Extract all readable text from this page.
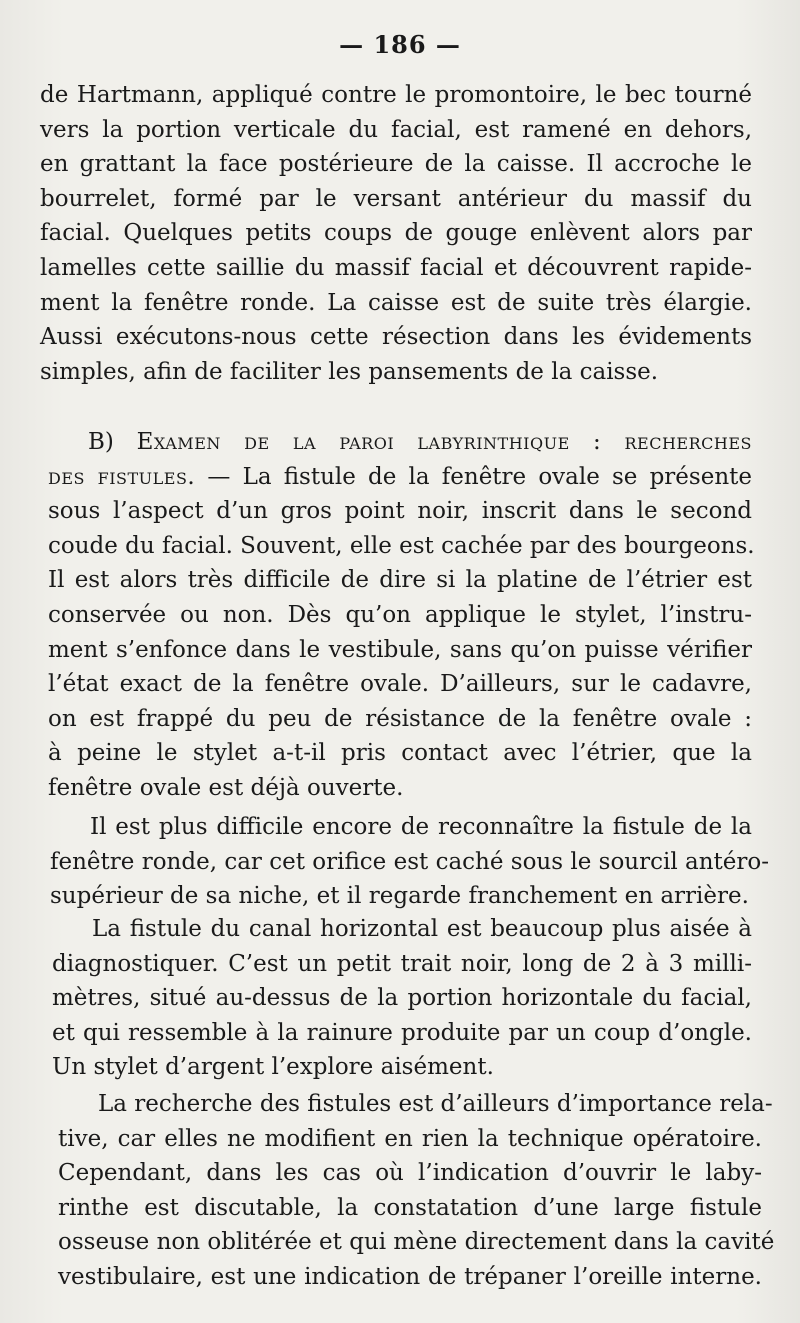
— 186 —
de Hartmann, appliqué contre le promontoire, le bec tourné
vers la portion verticale du facial, est ramené en dehors,
en grattant la face postérieure de la caisse. Il accroche le
bourrelet, formé par le versant antérieur du massif du
facial. Quelques petits coups de gouge enlèvent alors par
lamelles cette saillie du massif facial et découvrent rapide-
ment la fenêtre ronde. La caisse est de suite très élargie.
Aussi exécutons-nous cette résection dans les évidements
simples, afin de faciliter les pansements de la caisse.
B) Examen de la paroi labyrinthique : recherches
des fistules. — La fistule de la fenêtre ovale se présente
sous l’aspect d’un gros point noir, inscrit dans le second
coude du facial. Souvent, elle est cachée par des bourgeons.
Il est alors très difficile de dire si la platine de l’étrier est
conservée ou non. Dès qu’on applique le stylet, l’instru-
ment s’enfonce dans le vestibule, sans qu’on puisse vérifier
l’état exact de la fenêtre ovale. D’ailleurs, sur le cadavre,
on est frappé du peu de résistance de la fenêtre ovale :
à peine le stylet a-t-il pris contact avec l’étrier, que la
fenêtre ovale est déjà ouverte.
Il est plus difficile encore de reconnaître la fistule de la
fenêtre ronde, car cet orifice est caché sous le sourcil antéro-
supérieur de sa niche, et il regarde franchement en arrière.
La fistule du canal horizontal est beaucoup plus aisée à
diagnostiquer. C’est un petit trait noir, long de 2 à 3 milli-
mètres, situé au-dessus de la portion horizontale du facial,
et qui ressemble à la rainure produite par un coup d’ongle.
Un stylet d’argent l’explore aisément.
La recherche des fistules est d’ailleurs d’importance rela-
tive, car elles ne modifient en rien la technique opératoire.
Cependant, dans les cas où l’indication d’ouvrir le laby-
rinthe est discutable, la constatation d’une large fistule
osseuse non oblitérée et qui mène directement dans la cavité
vestibulaire, est une indication de trépaner l’oreille interne.
